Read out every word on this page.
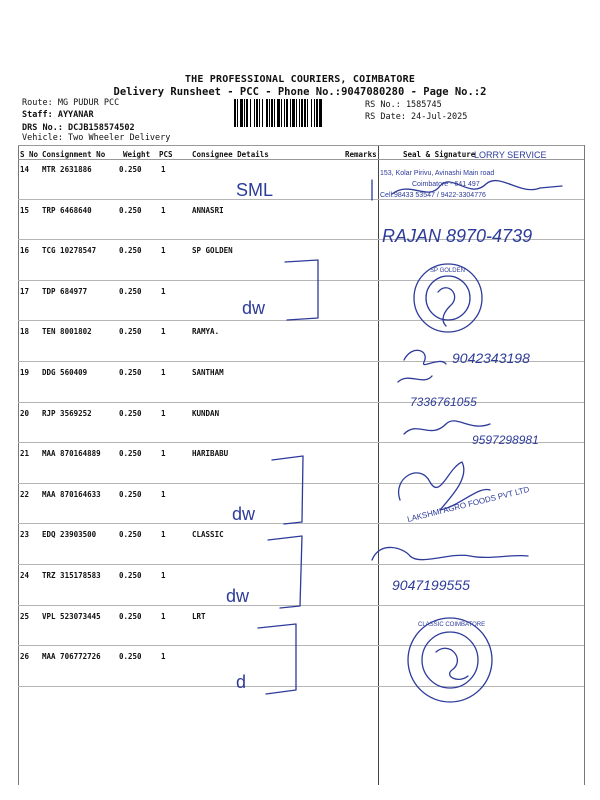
THE PROFESSIONAL COURIERS, COIMBATORE
Delivery Runsheet - PCC - Phone No.:9047080280 - Page No.:2
Route: MG PUDUR PCC
Staff: AYYANAR
DRS No.: DCJB158574502
Vehicle: Two Wheeler Delivery
RS No.: 1585745
RS Date: 24-Jul-2025
S No Consignment No Weight PCS	Consignee Details	Remarks	Seal & Signature
14 MTR 2631886	0.250	1
15 TRP 6468640	0.250	1	ANNASRI
16 TCG 10278547	0.250	1	SP GOLDEN
17 TDP 684977	0.250	1
18 TEN 8001802	0.250	1	RAMYA.
19 DDG 560409	0.250	1	SANTHAM
20 RJP 3569252	0.250	1	KUNDAN
21 MAA 870164889 0.250	1	HARIBABU
22 MAA 870164633 0.250	1
23 EDQ 23903500	0.250	1	CLASSIC
24 TRZ 315178583 0.250	1
25 VPL 523073445 0.250	1	LRT
26 MAA 706772726 0.250	1
SML
RAJAN 8970-4739
dw
9042343198
7336761055
9597298981
dw
dw
9047199555
d
LORRY SERVICE
153, Kolar Pirivu, Avinashi Main road
Coimbatore - 641 497
Cell:98433 53547 / 9422-3304776
LAKSHMI AGRO FOODS PVT LTD
SP GOLDEN
CLASSIC COIMBATORE
